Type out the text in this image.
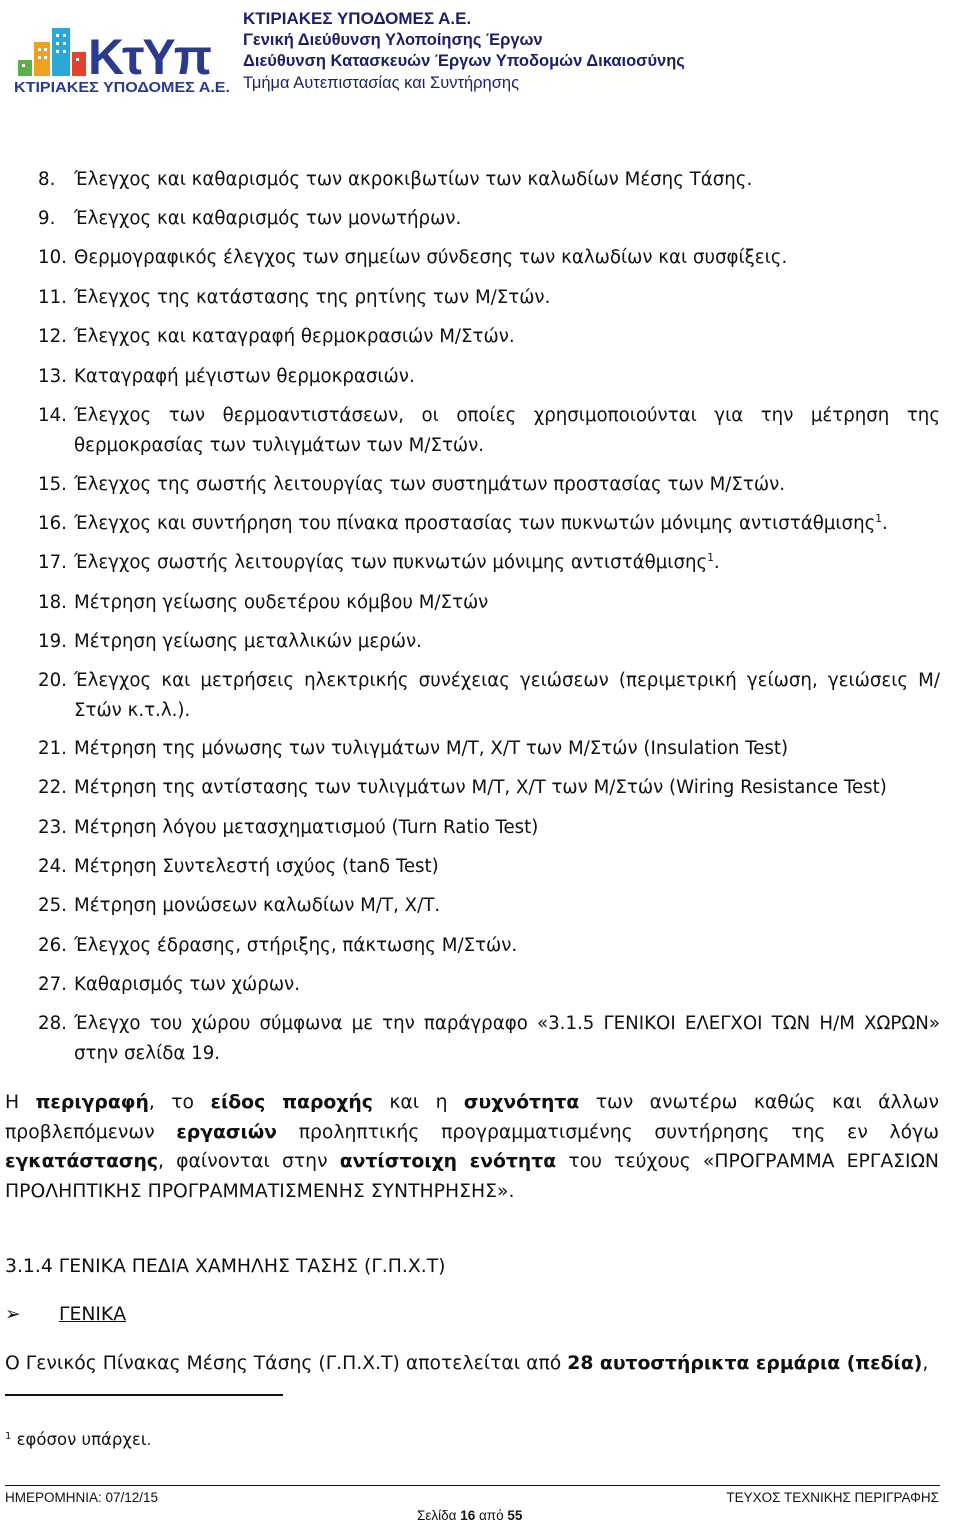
ΚτΥπ
ΚΤΙΡΙΑΚΕΣ ΥΠΟΔΟΜΕΣ Α.Ε.
ΚΤΙΡΙΑΚΕΣ ΥΠΟΔΟΜΕΣ Α.Ε.
Γενική Διεύθυνση Υλοποίησης Έργων
Διεύθυνση Κατασκευών Έργων Υποδομών Δικαιοσύνης
Τμήμα Αυτεπιστασίας και Συντήρησης
8. Έλεγχος και καθαρισμός των ακροκιβωτίων των καλωδίων Μέσης Τάσης.
9. Έλεγχος και καθαρισμός των μονωτήρων.
10. Θερμογραφικός έλεγχος των σημείων σύνδεσης των καλωδίων και συσφίξεις.
11. Έλεγχος της κατάστασης της ρητίνης των Μ/Στών.
12. Έλεγχος και καταγραφή θερμοκρασιών Μ/Στών.
13. Καταγραφή μέγιστων θερμοκρασιών.
14. Έλεγχος των θερμοαντιστάσεων, οι οποίες χρησιμοποιούνται για την μέτρηση της θερμοκρασίας των τυλιγμάτων των Μ/Στών.
15. Έλεγχος της σωστής λειτουργίας των συστημάτων προστασίας των Μ/Στών.
16. Έλεγχος και συντήρηση του πίνακα προστασίας των πυκνωτών μόνιμης αντιστάθμισης$^1$.
17. Έλεγχος σωστής λειτουργίας των πυκνωτών μόνιμης αντιστάθμισης$^1$.
18. Μέτρηση γείωσης ουδετέρου κόμβου Μ/Στών
19. Μέτρηση γείωσης μεταλλικών μερών.
20. Έλεγχος και μετρήσεις ηλεκτρικής συνέχειας γειώσεων (περιμετρική γείωση, γειώσεις Μ/Στών κ.τ.λ.).
21. Μέτρηση της μόνωσης των τυλιγμάτων Μ/Τ, Χ/Τ των Μ/Στών (Insulation Test)
22. Μέτρηση της αντίστασης των τυλιγμάτων Μ/Τ, Χ/Τ των Μ/Στών (Wiring Resistance Test)
23. Μέτρηση λόγου μετασχηματισμού (Turn Ratio Test)
24. Μέτρηση Συντελεστή ισχύος (tanδ Test)
25. Μέτρηση μονώσεων καλωδίων Μ/Τ, Χ/Τ.
26. Έλεγχος έδρασης, στήριξης, πάκτωσης Μ/Στών.
27. Καθαρισμός των χώρων.
28. Έλεγχο του χώρου σύμφωνα με την παράγραφο «3.1.5 ΓΕΝΙΚΟΙ ΕΛΕΓΧΟΙ ΤΩΝ Η/Μ ΧΩΡΩΝ» στην σελίδα 19.
Η περιγραφή, το είδος παροχής και η συχνότητα των ανωτέρω καθώς και άλλων προβλεπόμενων εργασιών προληπτικής προγραμματισμένης συντήρησης της εν λόγω εγκατάστασης, φαίνονται στην αντίστοιχη ενότητα του τεύχους «ΠΡΟΓΡΑΜΜΑ ΕΡΓΑΣΙΩΝ ΠΡΟΛΗΠΤΙΚΗΣ ΠΡΟΓΡΑΜΜΑΤΙΣΜΕΝΗΣ ΣΥΝΤΗΡΗΣΗΣ».
3.1.4 ΓΕΝΙΚΑ ΠΕΔΙΑ ΧΑΜΗΛΗΣ ΤΑΣΗΣ (Γ.Π.Χ.Τ)
➢ ΓΕΝΙΚΑ
Ο Γενικός Πίνακας Μέσης Τάσης (Γ.Π.Χ.Τ) αποτελείται από 28 αυτοστήρικτα ερμάρια (πεδία),
$^1$ εφόσον υπάρχει.
ΗΜΕΡΟΜΗΝΙΑ: 07/12/15	ΤΕΥΧΟΣ ΤΕΧΝΙΚΗΣ ΠΕΡΙΓΡΑΦΗΣ
Σελίδα 16 από 55
